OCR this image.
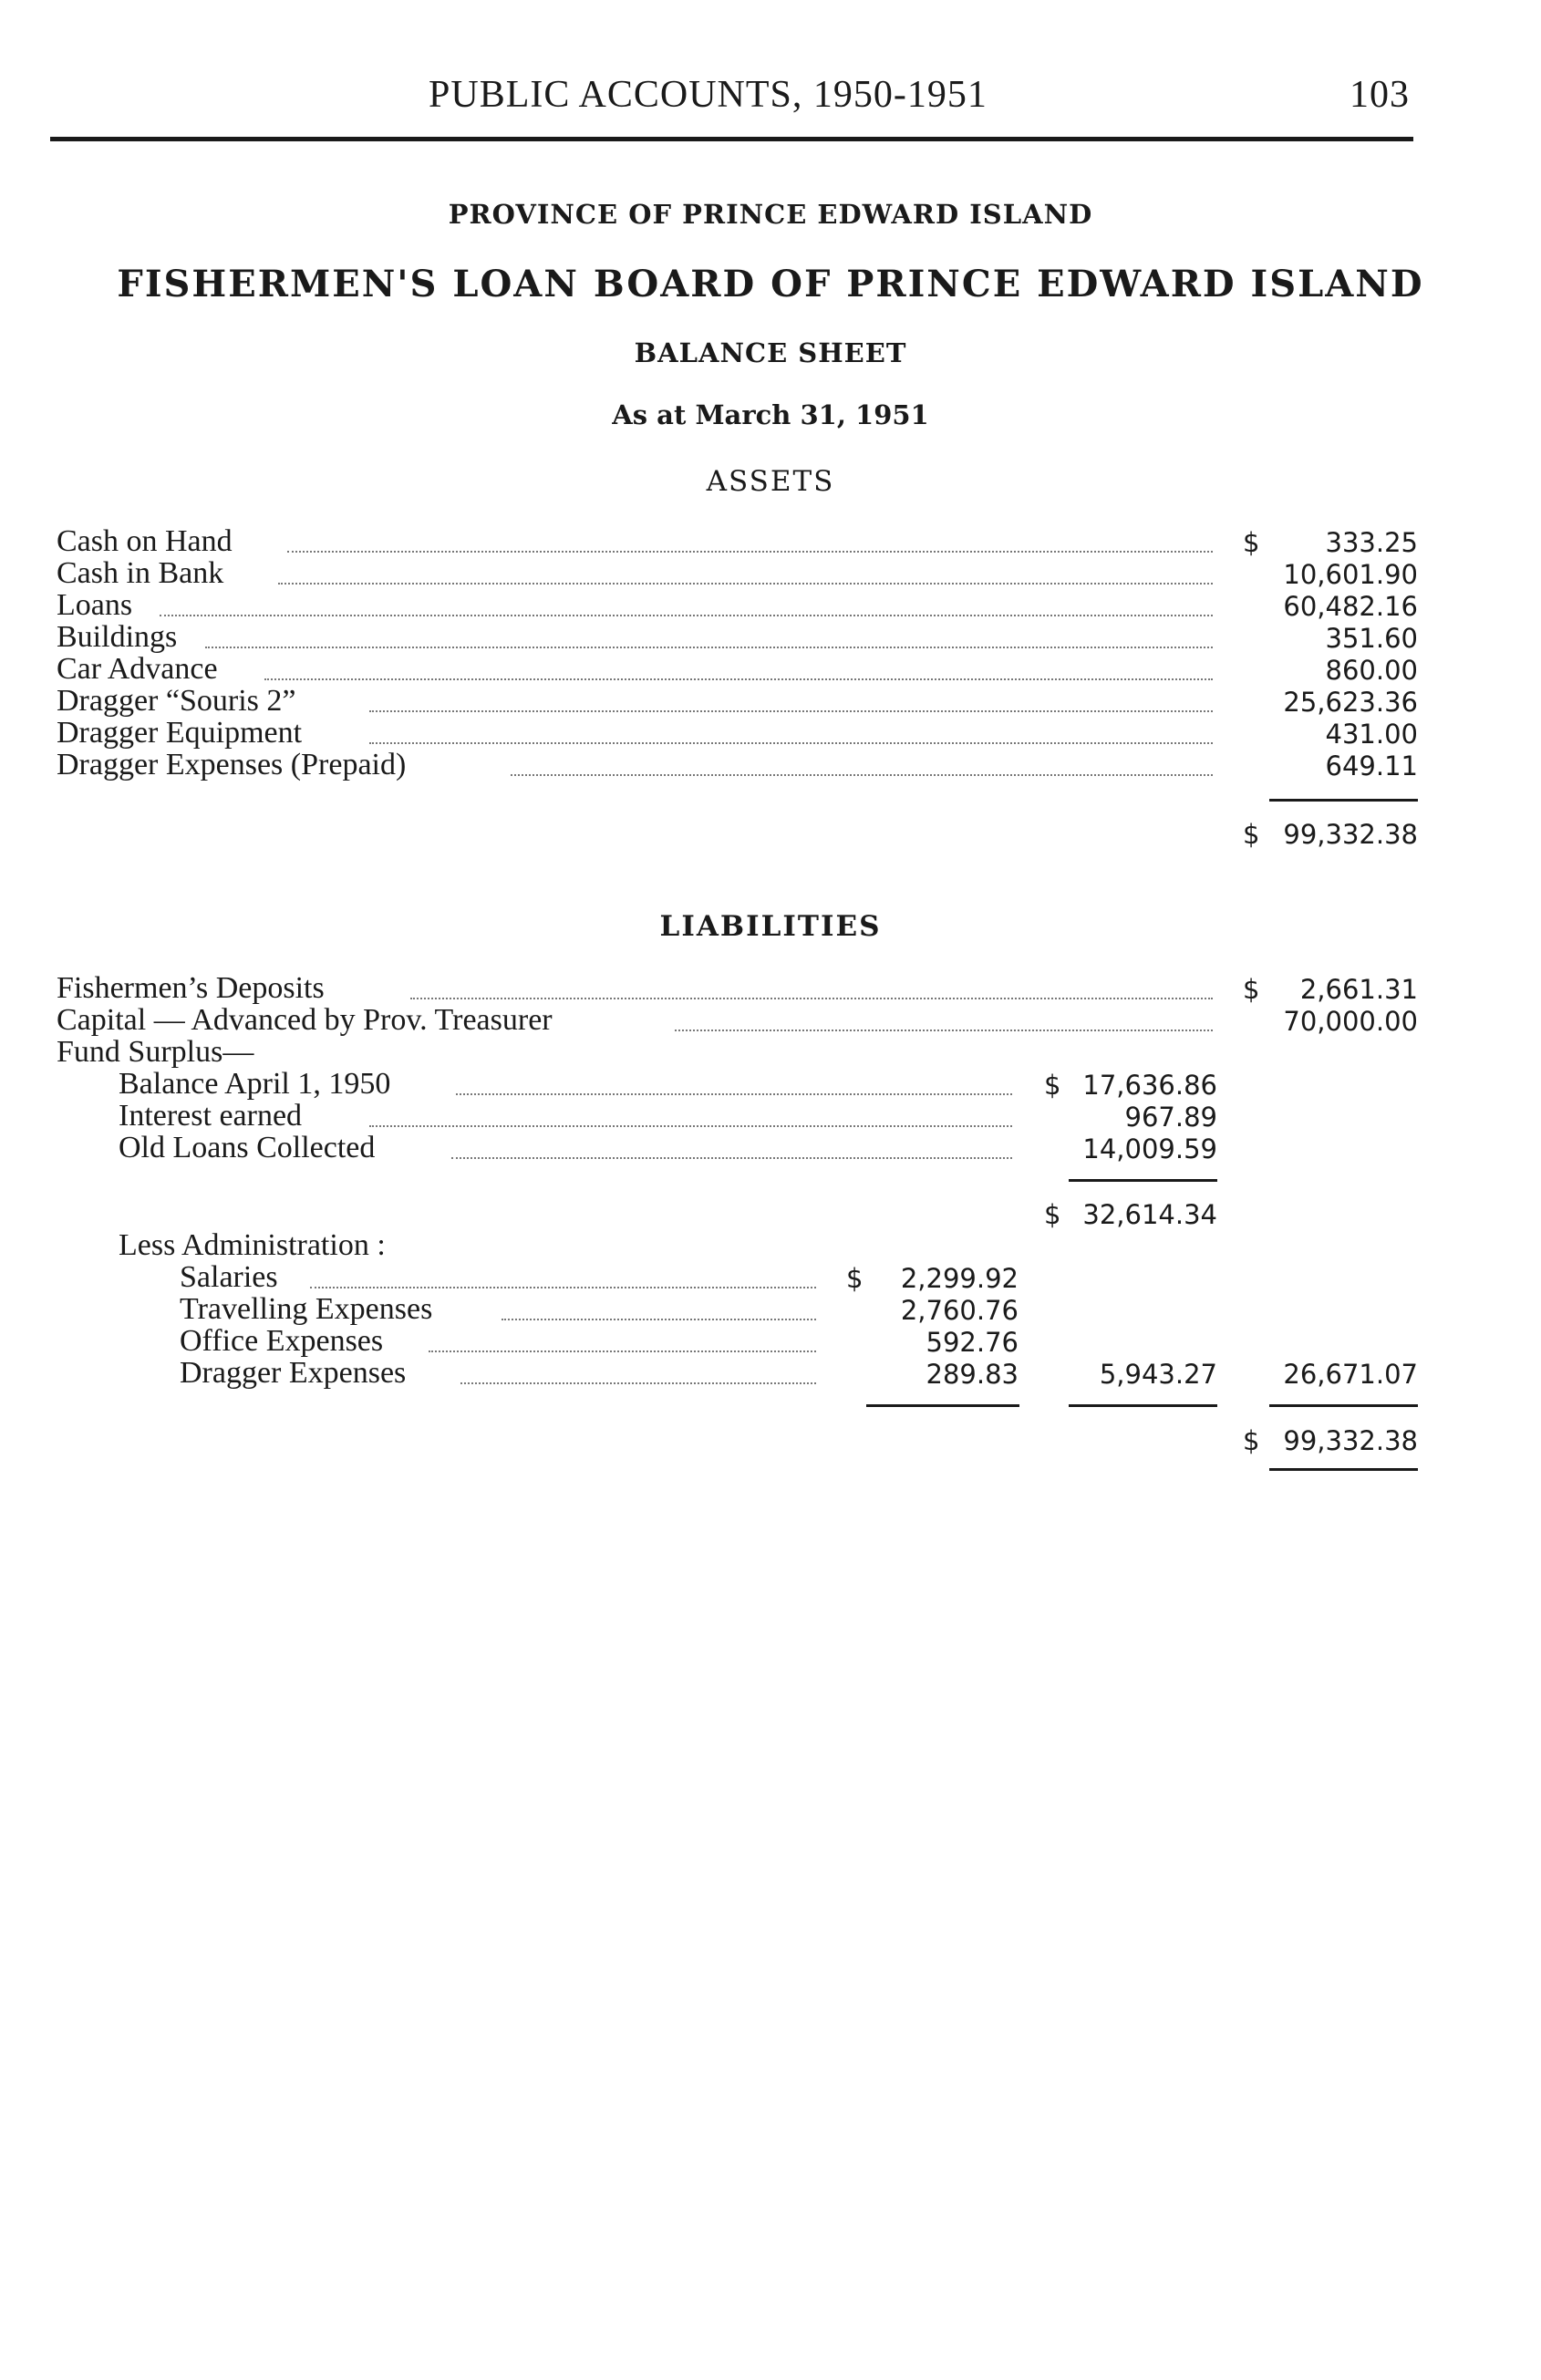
PUBLIC ACCOUNTS, 1950-1951	103
PROVINCE OF PRINCE EDWARD ISLAND
FISHERMEN'S LOAN BOARD OF PRINCE EDWARD ISLAND
BALANCE SHEET
As at March 31, 1951
ASSETS
Cash on Hand	$ 333.25
Cash in Bank	10,601.90
Loans	60,482.16
Buildings	351.60
Car Advance	860.00
Dragger “Souris 2”	25,623.36
Dragger Equipment	431.00
Dragger Expenses (Prepaid)	649.11
$ 99,332.38
LIABILITIES
Fishermen’s Deposits	$ 2,661.31
Capital — Advanced by Prov. Treasurer	70,000.00
Fund Surplus—
Balance April 1, 1950	$ 17,636.86
Interest earned	967.89
Old Loans Collected	14,009.59
$ 32,614.34
Less Administration :
Salaries	$ 2,299.92
Travelling Expenses	2,760.76
Office Expenses	592.76
Dragger Expenses	289.83	5,943.27 26,671.07
$ 99,332.38
